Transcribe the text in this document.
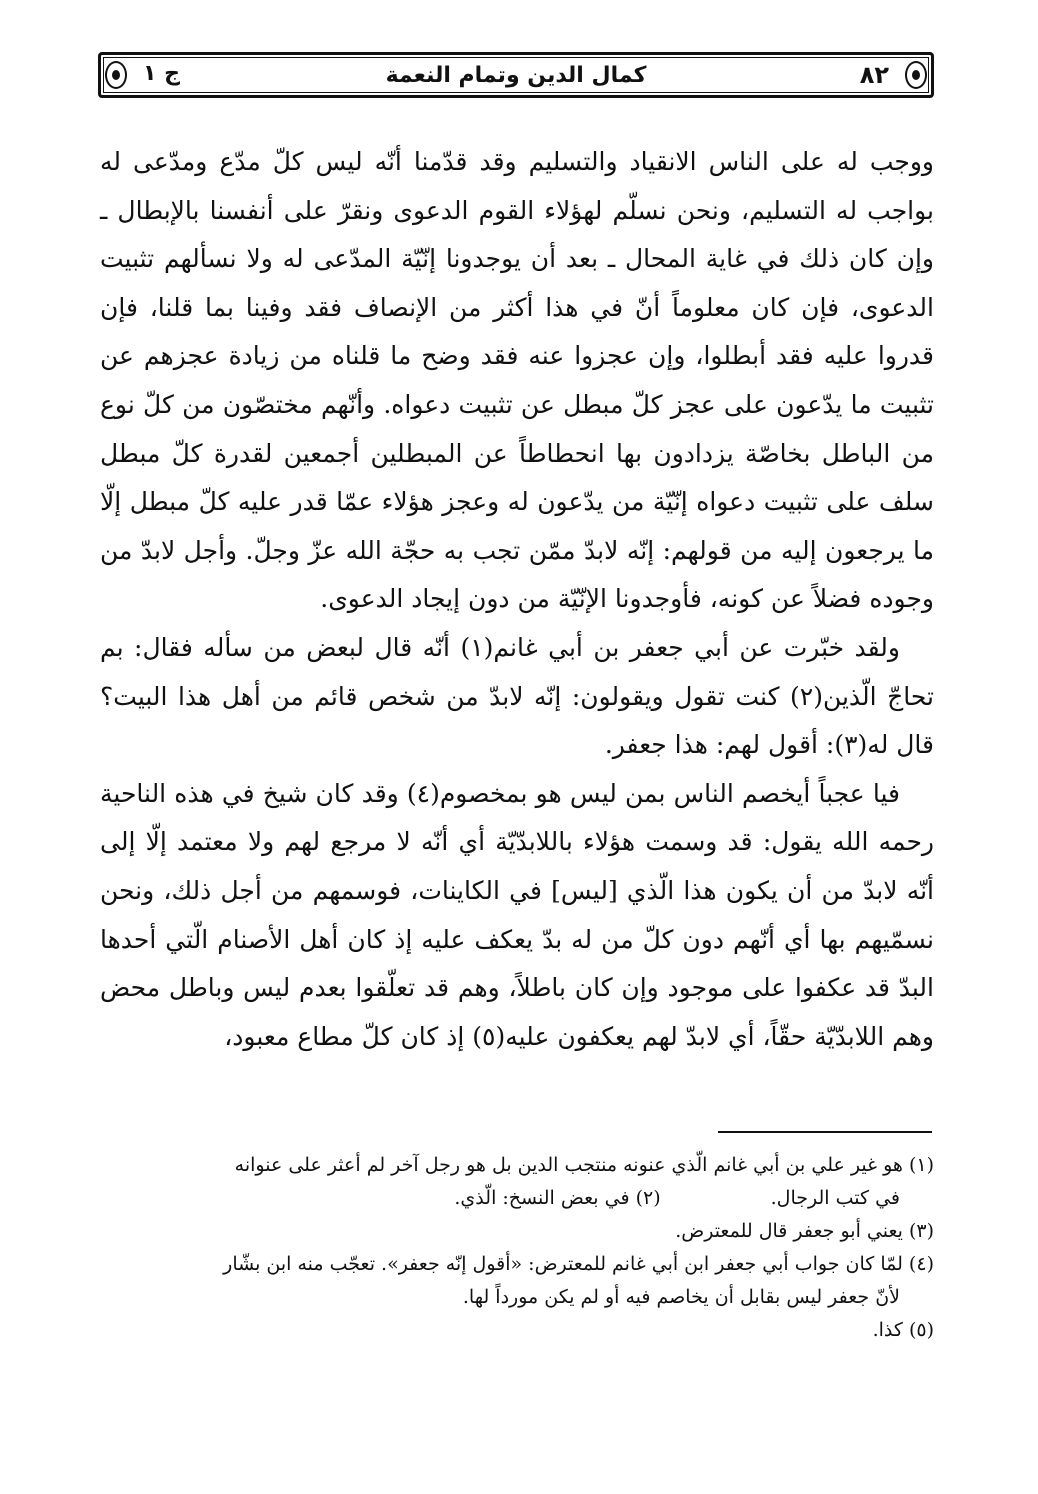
٨٢
كمال الدين وتمام النعمة
ج ١

ووجب له على الناس الانقياد والتسليم وقد قدّمنا أنّه ليس كلّ مدّع ومدّعى له بواجب له التسليم، ونحن نسلّم لهؤلاء القوم الدعوى ونقرّ على أنفسنا بالإبطال ـ وإن كان ذلك في غاية المحال ـ بعد أن يوجدونا إنّيّة المدّعى له ولا نسألهم تثبيت الدعوى، فإن كان معلوماً أنّ في هذا أكثر من الإنصاف فقد وفينا بما قلنا، فإن قدروا عليه فقد أبطلوا، وإن عجزوا عنه فقد وضح ما قلناه من زيادة عجزهم عن تثبيت ما يدّعون على عجز كلّ مبطل عن تثبيت دعواه. وأنّهم مختصّون من كلّ نوع من الباطل بخاصّة يزدادون بها انحطاطاً عن المبطلين أجمعين لقدرة كلّ مبطل سلف على تثبيت دعواه إنّيّة من يدّعون له وعجز هؤلاء عمّا قدر عليه كلّ مبطل إلّا ما يرجعون إليه من قولهم: إنّه لابدّ ممّن تجب به حجّة الله عزّ وجلّ. وأجل لابدّ من وجوده فضلاً عن كونه، فأوجدونا الإنّيّة من دون إيجاد الدعوى.

ولقد خبّرت عن أبي جعفر بن أبي غانم(١) أنّه قال لبعض من سأله فقال: بم تحاجّ الّذين(٢) كنت تقول ويقولون: إنّه لابدّ من شخص قائم من أهل هذا البيت؟ قال له(٣): أقول لهم: هذا جعفر.

فيا عجباً أيخصم الناس بمن ليس هو بمخصوم(٤) وقد كان شيخ في هذه الناحية رحمه الله يقول: قد وسمت هؤلاء باللابدّيّة أي أنّه لا مرجع لهم ولا معتمد إلّا إلى أنّه لابدّ من أن يكون هذا الّذي [ليس] في الكاينات، فوسمهم من أجل ذلك، ونحن نسمّيهم بها أي أنّهم دون كلّ من له بدّ يعكف عليه إذ كان أهل الأصنام الّتي أحدها البدّ قد عكفوا على موجود وإن كان باطلاً، وهم قد تعلّقوا بعدم ليس وباطل محض وهم اللابدّيّة حقّاً، أي لابدّ لهم يعكفون عليه(٥) إذ كان كلّ مطاع معبود،

(١) هو غير علي بن أبي غانم الّذي عنونه منتجب الدين بل هو رجل آخر لم أعثر على عنوانه

في كتب الرجال.
(٢) في بعض النسخ: الّذي.

(٣) يعني أبو جعفر قال للمعترض.

(٤) لمّا كان جواب أبي جعفر ابن أبي غانم للمعترض: «أقول إنّه جعفر». تعجّب منه ابن بشّار

لأنّ جعفر ليس بقابل أن يخاصم فيه أو لم يكن مورداً لها.

(٥) كذا.
